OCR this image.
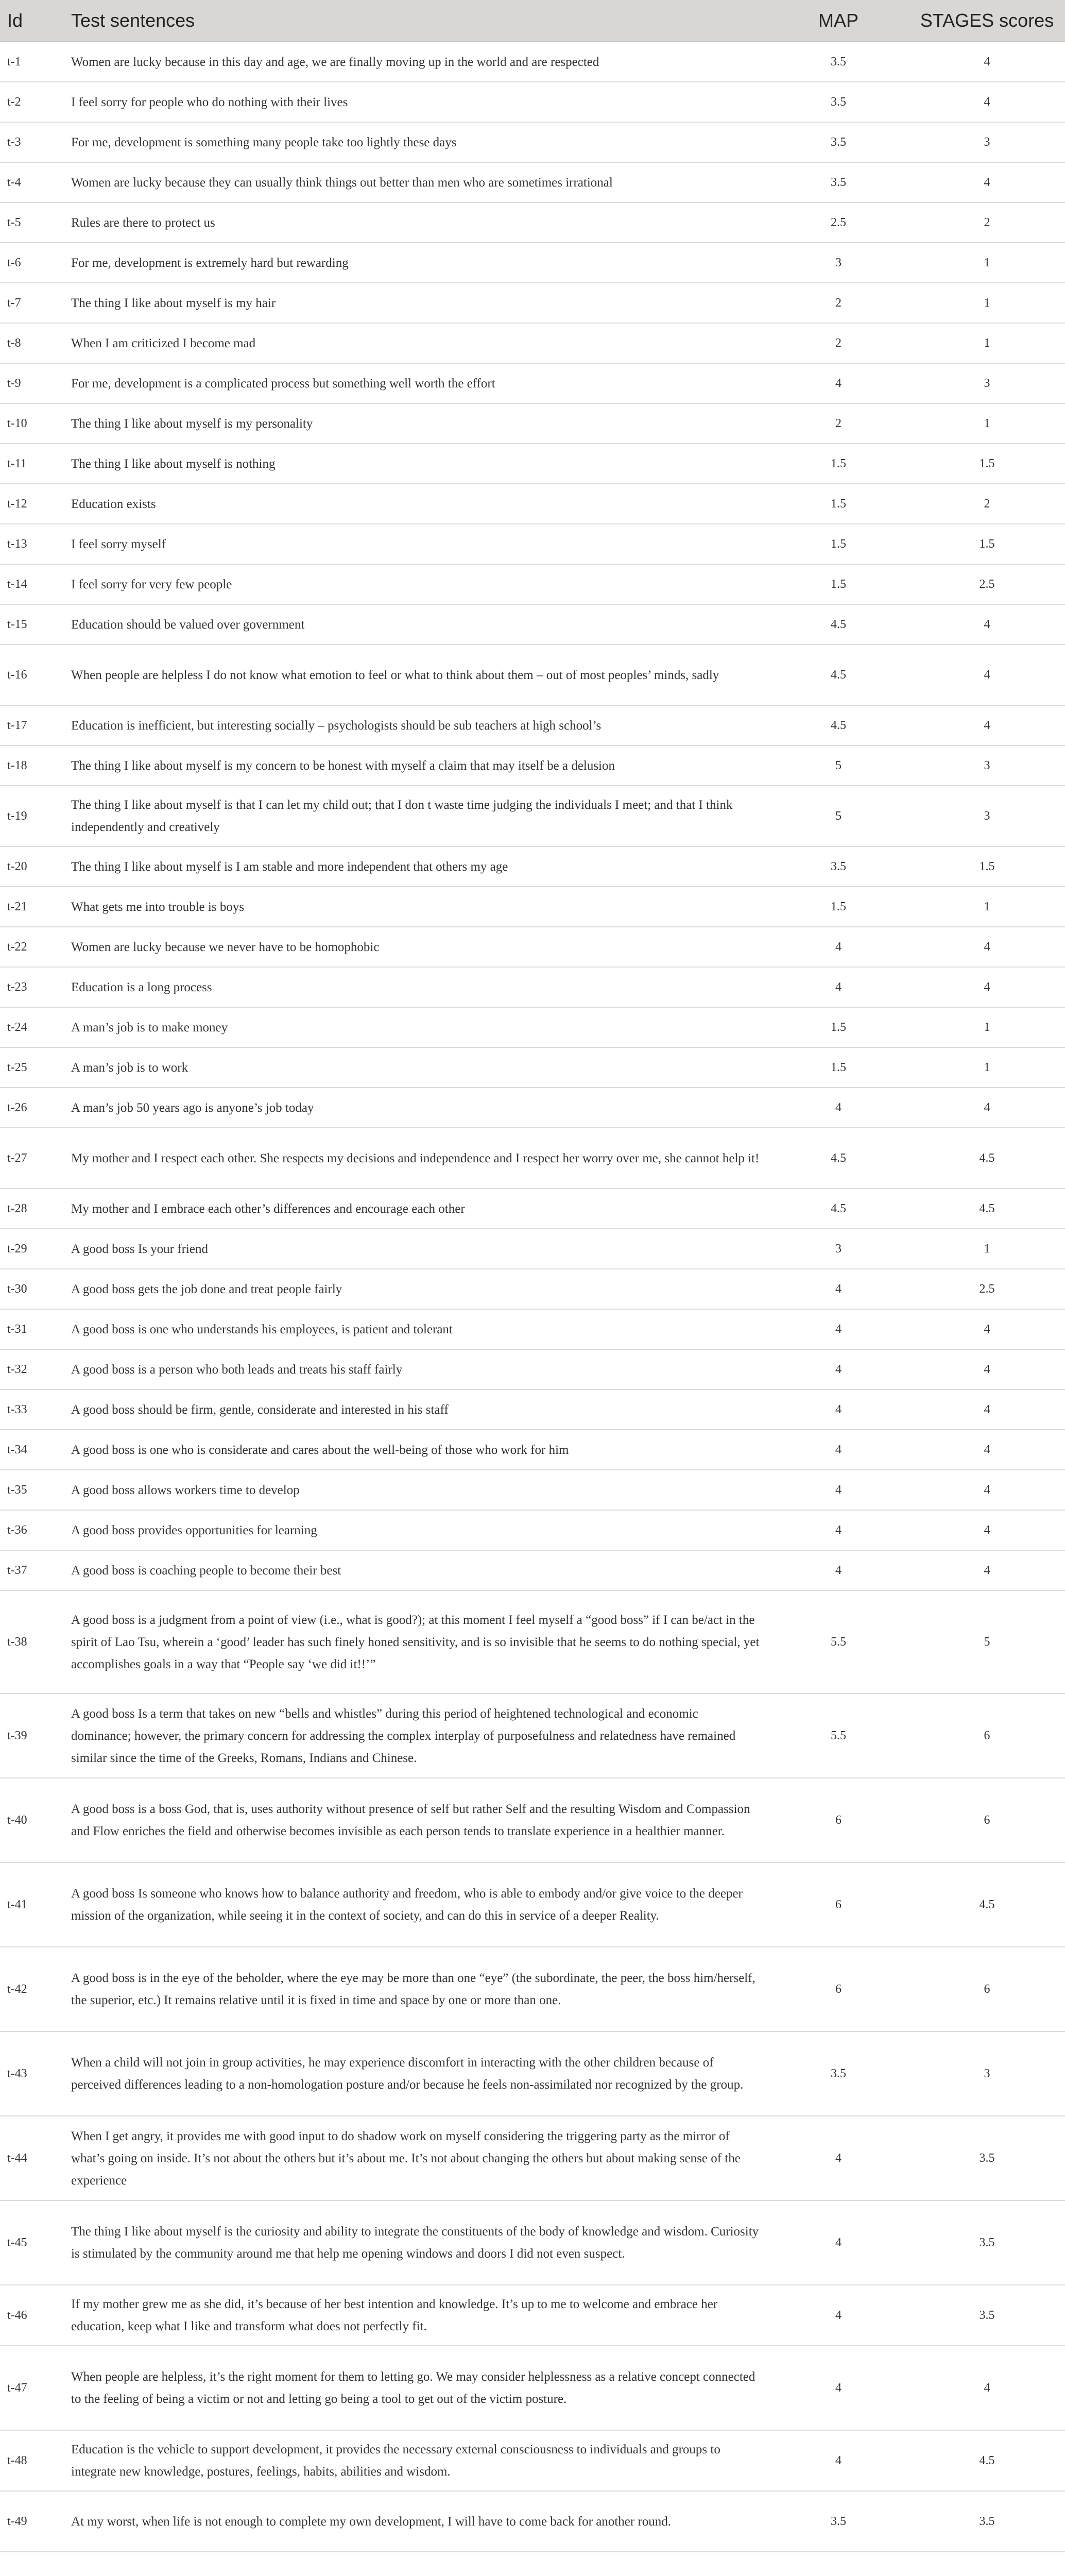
Id	Test sentences	MAP	STAGES scores
t-1	Women are lucky because in this day and age, we are finally moving up in the world and are respected	3.5	4
t-2	I feel sorry for people who do nothing with their lives	3.5	4
t-3	For me, development is something many people take too lightly these days	3.5	3
t-4	Women are lucky because they can usually think things out better than men who are sometimes irrational	3.5	4
t-5	Rules are there to protect us	2.5	2
t-6	For me, development is extremely hard but rewarding	3	1
t-7	The thing I like about myself is my hair	2	1
t-8	When I am criticized I become mad	2	1
t-9	For me, development is a complicated process but something well worth the effort	4	3
t-10	The thing I like about myself is my personality	2	1
t-11	The thing I like about myself is nothing	1.5	1.5
t-12	Education exists	1.5	2
t-13	I feel sorry myself	1.5	1.5
t-14	I feel sorry for very few people	1.5	2.5
t-15	Education should be valued over government	4.5	4
t-16	When people are helpless I do not know what emotion to feel or what to think about them – out of most peoples’ minds, sadly	4.5	4
t-17	Education is inefficient, but interesting socially – psychologists should be sub teachers at high school’s	4.5	4
t-18	The thing I like about myself is my concern to be honest with myself a claim that may itself be a delusion	5	3
t-19	The thing I like about myself is that I can let my child out; that I don t waste time judging the individuals I meet; and that I think independently and creatively	5	3
t-20	The thing I like about myself is I am stable and more independent that others my age	3.5	1.5
t-21	What gets me into trouble is boys	1.5	1
t-22	Women are lucky because we never have to be homophobic	4	4
t-23	Education is a long process	4	4
t-24	A man’s job is to make money	1.5	1
t-25	A man’s job is to work	1.5	1
t-26	A man’s job 50 years ago is anyone’s job today	4	4
t-27	My mother and I respect each other. She respects my decisions and independence and I respect her worry over me, she cannot help it!	4.5	4.5
t-28	My mother and I embrace each other’s differences and encourage each other	4.5	4.5
t-29	A good boss Is your friend	3	1
t-30	A good boss gets the job done and treat people fairly	4	2.5
t-31	A good boss is one who understands his employees, is patient and tolerant	4	4
t-32	A good boss is a person who both leads and treats his staff fairly	4	4
t-33	A good boss should be firm, gentle, considerate and interested in his staff	4	4
t-34	A good boss is one who is considerate and cares about the well-being of those who work for him	4	4
t-35	A good boss allows workers time to develop	4	4
t-36	A good boss provides opportunities for learning	4	4
t-37	A good boss is coaching people to become their best	4	4
t-38	A good boss is a judgment from a point of view (i.e., what is good?); at this moment I feel myself a “good boss” if I can be/act in the spirit of Lao Tsu, wherein a ‘good’ leader has such finely honed sensitivity, and is so invisible that he seems to do nothing special, yet accomplishes goals in a way that “People say ‘we did it!!’”	5.5	5
t-39	A good boss Is a term that takes on new “bells and whistles” during this period of heightened technological and economic dominance; however, the primary concern for addressing the complex interplay of purposefulness and relatedness have remained similar since the time of the Greeks, Romans, Indians and Chinese.	5.5	6
t-40	A good boss is a boss God, that is, uses authority without presence of self but rather Self and the resulting Wisdom and Compassion and Flow enriches the field and otherwise becomes invisible as each person tends to translate experience in a healthier manner.	6	6
t-41	A good boss Is someone who knows how to balance authority and freedom, who is able to embody and/or give voice to the deeper mission of the organization, while seeing it in the context of society, and can do this in service of a deeper Reality.	6	4.5
t-42	A good boss is in the eye of the beholder, where the eye may be more than one “eye” (the subordinate, the peer, the boss him/herself, the superior, etc.) It remains relative until it is fixed in time and space by one or more than one.	6	6
t-43	When a child will not join in group activities, he may experience discomfort in interacting with the other children because of perceived differences leading to a non-homologation posture and/or because he feels non-assimilated nor recognized by the group.	3.5	3
t-44	When I get angry, it provides me with good input to do shadow work on myself considering the triggering party as the mirror of what’s going on inside. It’s not about the others but it’s about me. It’s not about changing the others but about making sense of the experience	4	3.5
t-45	The thing I like about myself is the curiosity and ability to integrate the constituents of the body of knowledge and wisdom. Curiosity is stimulated by the community around me that help me opening windows and doors I did not even suspect.	4	3.5
t-46	If my mother grew me as she did, it’s because of her best intention and knowledge. It’s up to me to welcome and embrace her education, keep what I like and transform what does not perfectly fit.	4	3.5
t-47	When people are helpless, it’s the right moment for them to letting go. We may consider helplessness as a relative concept connected to the feeling of being a victim or not and letting go being a tool to get out of the victim posture.	4	4
t-48	Education is the vehicle to support development, it provides the necessary external consciousness to individuals and groups to integrate new knowledge, postures, feelings, habits, abilities and wisdom.	4	4.5
t-49	At my worst, when life is not enough to complete my own development, I will have to come back for another round.	3.5	3.5
